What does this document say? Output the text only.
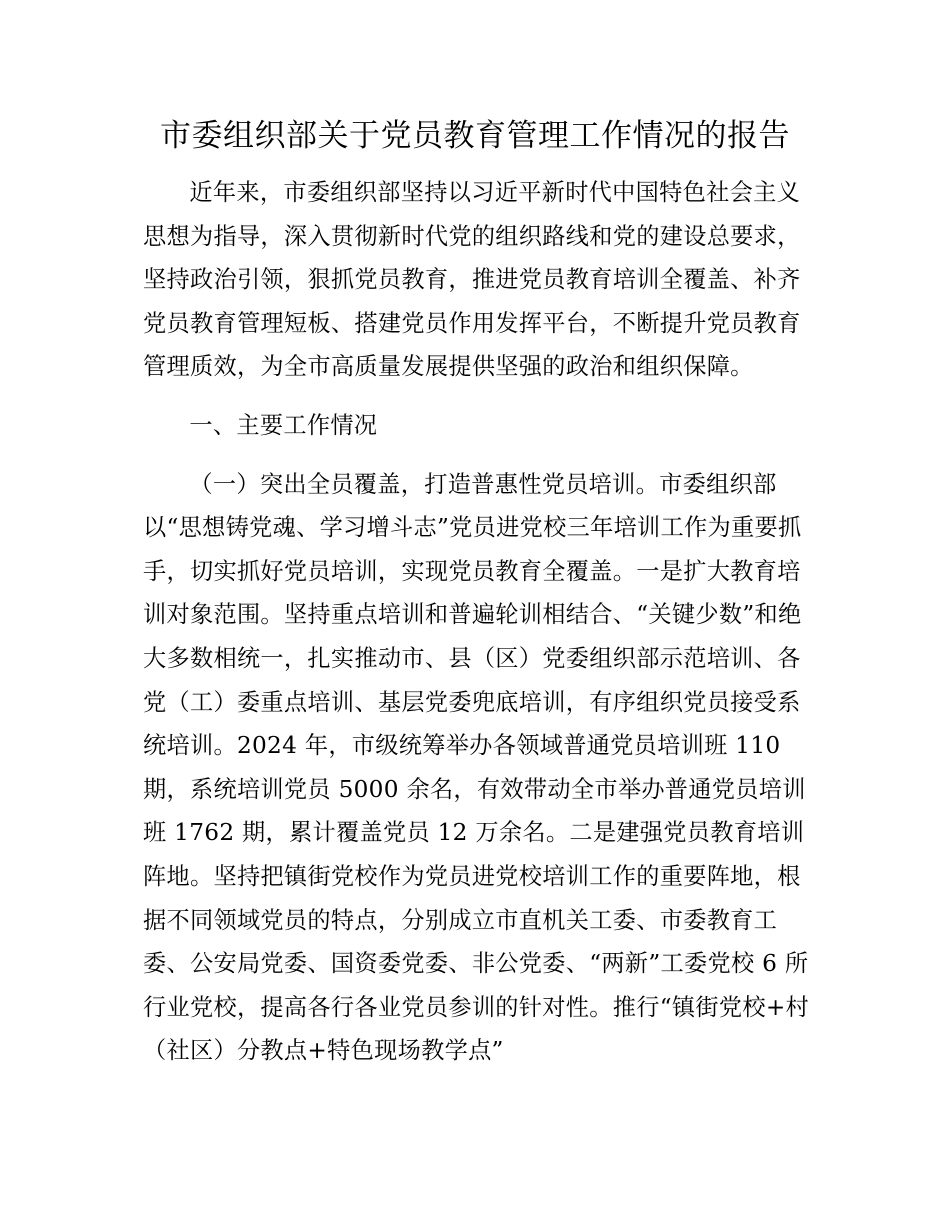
市委组织部关于党员教育管理工作情况的报告

近年来，市委组织部坚持以习近平新时代中国特色社会主义思想为指导，深入贯彻新时代党的组织路线和党的建设总要求，坚持政治引领，狠抓党员教育，推进党员教育培训全覆盖、补齐党员教育管理短板、搭建党员作用发挥平台，不断提升党员教育管理质效，为全市高质量发展提供坚强的政治和组织保障。

一、主要工作情况

（一）突出全员覆盖，打造普惠性党员培训。市委组织部以“思想铸党魂、学习增斗志”党员进党校三年培训工作为重要抓手，切实抓好党员培训，实现党员教育全覆盖。一是扩大教育培训对象范围。坚持重点培训和普遍轮训相结合、“关键少数”和绝大多数相统一，扎实推动市、县（区）党委组织部示范培训、各党（工）委重点培训、基层党委兜底培训，有序组织党员接受系统培训。2024 年，市级统筹举办各领域普通党员培训班 110 期，系统培训党员 5000 余名，有效带动全市举办普通党员培训班 1762 期，累计覆盖党员 12 万余名。二是建强党员教育培训阵地。坚持把镇街党校作为党员进党校培训工作的重要阵地，根据不同领域党员的特点，分别成立市直机关工委、市委教育工委、公安局党委、国资委党委、非公党委、“两新”工委党校 6 所行业党校，提高各行各业党员参训的针对性。推行“镇街党校+村（社区）分教点+特色现场教学点”
